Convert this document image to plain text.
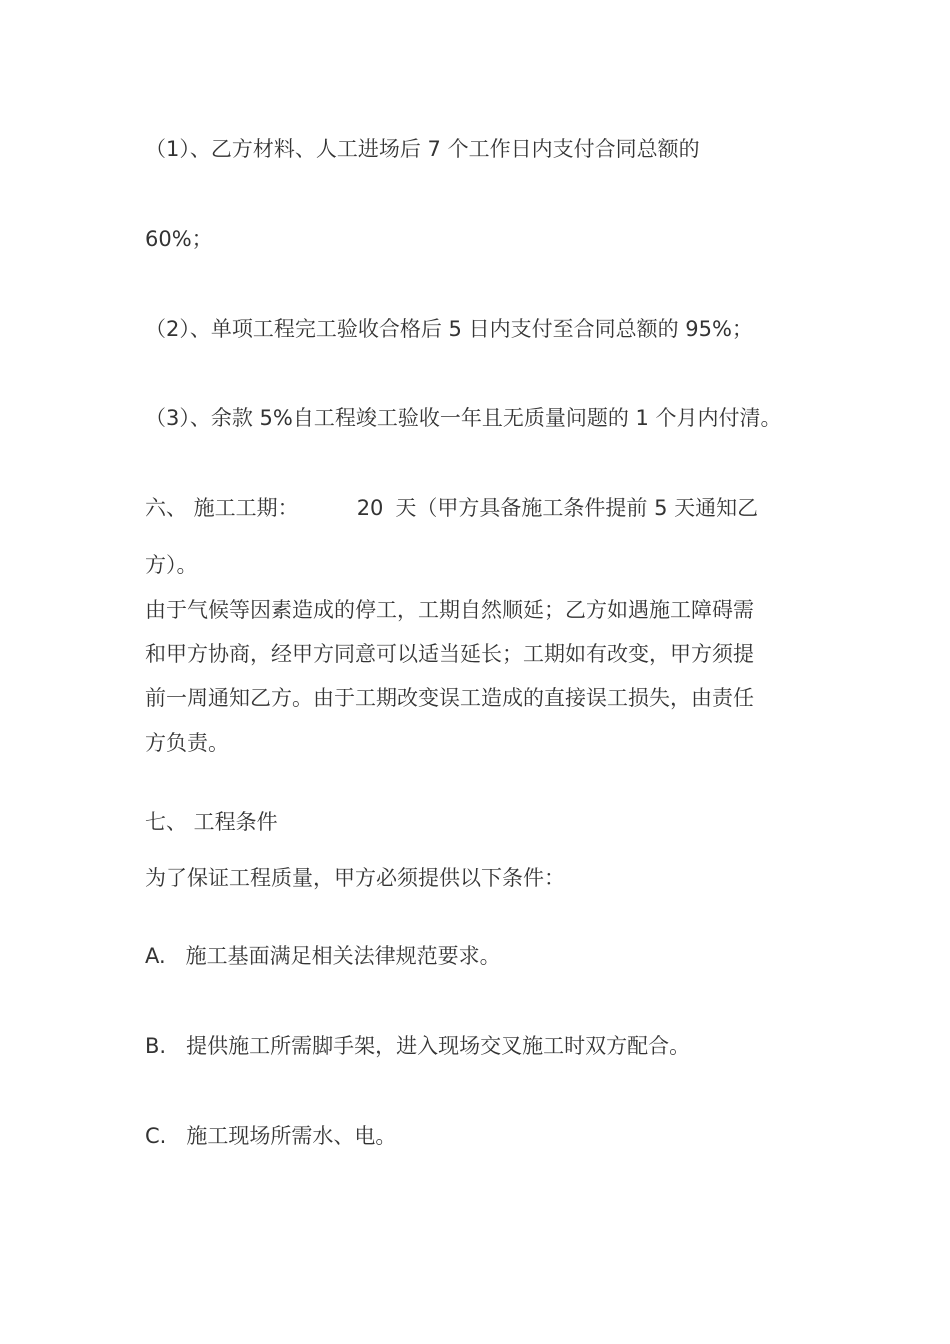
（1）、乙方材料、人工进场后 7 个工作日内支付合同总额的
60%；
（2）、单项工程完工验收合格后 5 日内支付至合同总额的 95%；
（3）、余款 5%自工程竣工验收一年且无质量问题的 1 个月内付清。
六、 施工工期：	20 天（甲方具备施工条件提前 5 天通知乙
方）。
由于气候等因素造成的停工，工期自然顺延；乙方如遇施工障碍需
和甲方协商，经甲方同意可以适当延长；工期如有改变，甲方须提
前一周通知乙方。由于工期改变误工造成的直接误工损失，由责任
方负责。
七、 工程条件
为了保证工程质量，甲方必须提供以下条件：
A. 施工基面满足相关法律规范要求。
B. 提供施工所需脚手架，进入现场交叉施工时双方配合。
C. 施工现场所需水、电。
